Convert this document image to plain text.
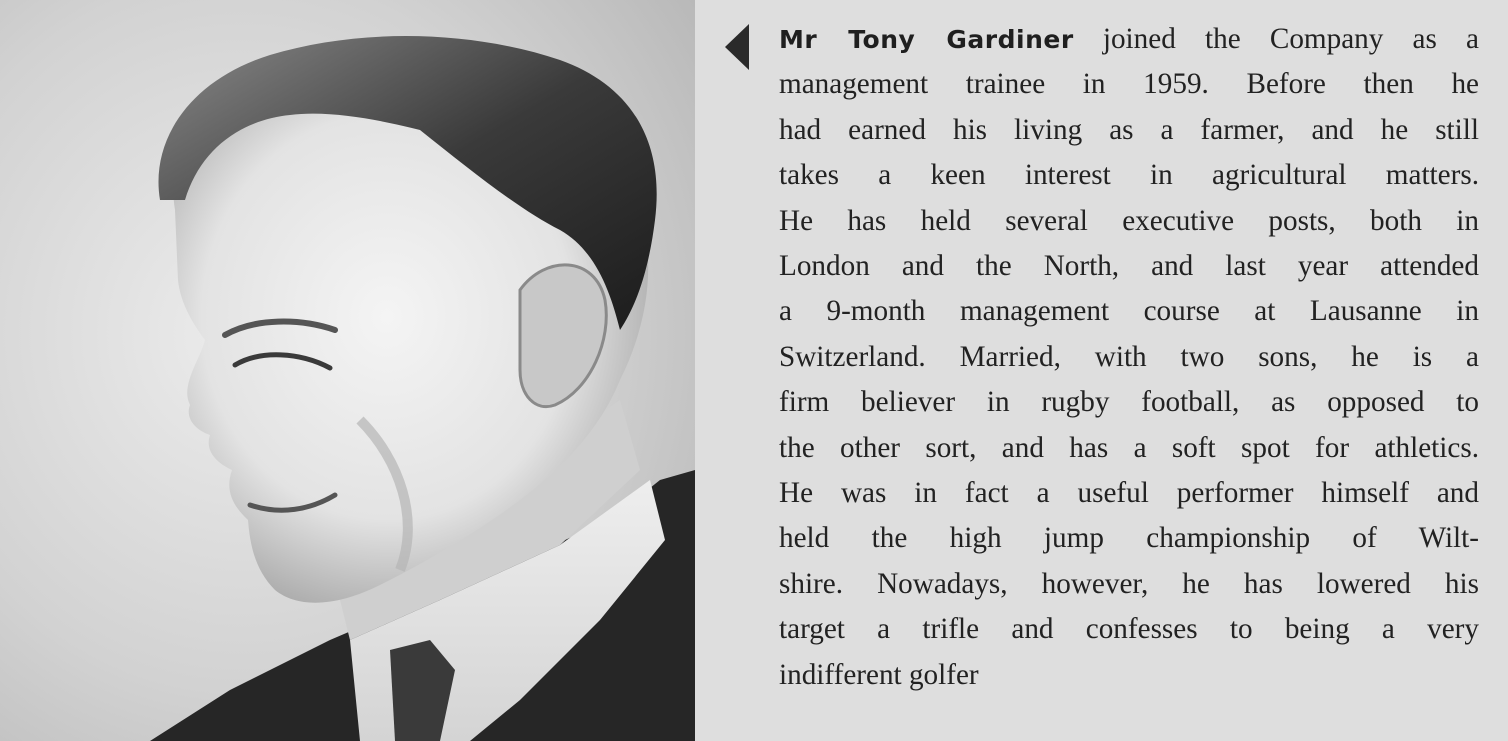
Mr Tony Gardiner joined the Company as a
management trainee in 1959. Before then he
had earned his living as a farmer, and he still
takes a keen interest in agricultural matters.
He has held several executive posts, both in
London and the North, and last year attended
a 9-month management course at Lausanne in
Switzerland. Married, with two sons, he is a
firm believer in rugby football, as opposed to
the other sort, and has a soft spot for athletics.
He was in fact a useful performer himself and
held the high jump championship of Wilt-
shire. Nowadays, however, he has lowered his
target a trifle and confesses to being a very
indifferent golfer
